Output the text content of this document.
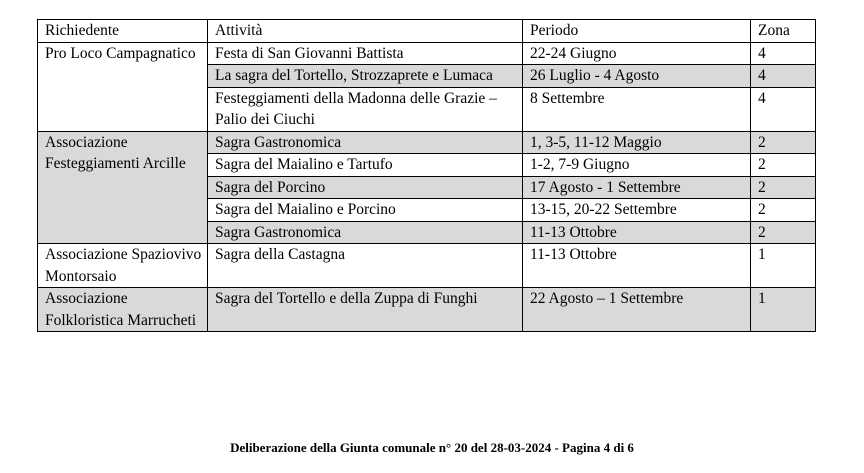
Richiedente	Attività	Periodo	Zona
Pro Loco Campagnatico	Festa di San Giovanni Battista	22-24 Giugno	4
	La sagra del Tortello, Strozzaprete e Lumaca	26 Luglio - 4 Agosto	4
	Festeggiamenti della Madonna delle Grazie – Palio dei Ciuchi	8 Settembre	4
Associazione Festeggiamenti Arcille	Sagra Gastronomica	1, 3-5, 11-12 Maggio	2
	Sagra del Maialino e Tartufo	1-2, 7-9 Giugno	2
	Sagra del Porcino	17 Agosto - 1 Settembre	2
	Sagra del Maialino e Porcino	13-15, 20-22 Settembre	2
	Sagra Gastronomica	11-13 Ottobre	2
Associazione Spaziovivo Montorsaio	Sagra della Castagna	11-13 Ottobre	1
Associazione Folkloristica Marrucheti	Sagra del Tortello e della Zuppa di Funghi	22 Agosto – 1 Settembre	1
Deliberazione della Giunta comunale n° 20 del 28-03-2024 - Pagina 4 di 6
